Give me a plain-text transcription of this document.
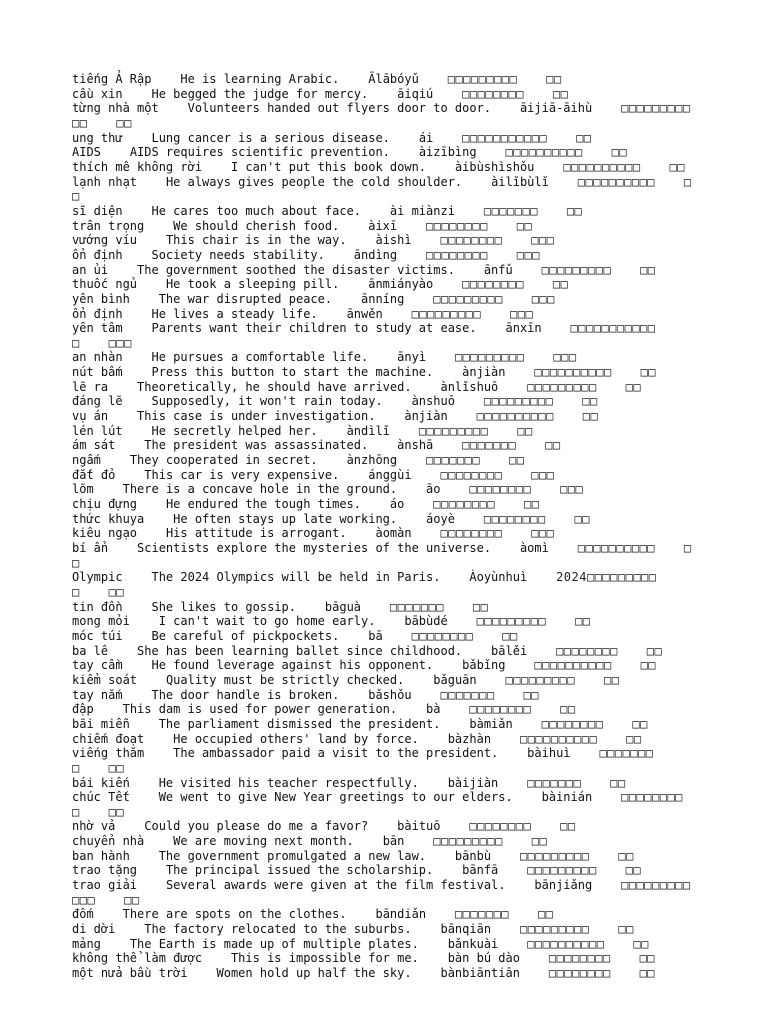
tiếng Ả Rập He is learning Arabic. Ālābóyǔ □□□□□□□□□ □□
cầu xin He begged the judge for mercy. āiqiú □□□□□□□□ □□
từng nhà một Volunteers handed out flyers door to door. āijiā-āihù □□□□□□□□□□□ □□
ung thư Lung cancer is a serious disease. ái □□□□□□□□□□□ □□
AIDS AIDS requires scientific prevention. àizībìng □□□□□□□□□□ □□
thích mê không rời I can't put this book down. àibùshìshǒu □□□□□□□□□□ □□
lạnh nhạt He always gives people the cold shoulder. àilǐbùlǐ □□□□□□□□□□ □□
sĩ diện He cares too much about face. ài miànzi □□□□□□□ □□
trân trọng We should cherish food. àixī □□□□□□□□ □□
vướng víu This chair is in the way. àishì □□□□□□□□ □□□
ổn định Society needs stability. āndìng □□□□□□□□ □□□
an ủi The government soothed the disaster victims. ānfǔ □□□□□□□□□ □□
thuốc ngủ He took a sleeping pill. ānmiányào □□□□□□□□ □□
yên bình The war disrupted peace. ānníng □□□□□□□□□ □□□
ổn định He lives a steady life. ānwěn □□□□□□□□□ □□□
yên tâm Parents want their children to study at ease. ānxīn □□□□□□□□□□□□ □□□
an nhàn He pursues a comfortable life. ānyì □□□□□□□□□ □□□
nút bấm Press this button to start the machine. ànjiàn □□□□□□□□□□ □□
lẽ ra Theoretically, he should have arrived. ànlǐshuō □□□□□□□□□ □□
đáng lẽ Supposedly, it won't rain today. ànshuō □□□□□□□□□ □□
vụ án This case is under investigation. ànjiàn □□□□□□□□□□ □□
lén lút He secretly helped her. àndìlǐ □□□□□□□□□ □□
ám sát The president was assassinated. ànshā □□□□□□□ □□
ngấm They cooperated in secret. ànzhōng □□□□□□□ □□
đắt đỏ This car is very expensive. ánggùi □□□□□□□□ □□□
lõm There is a concave hole in the ground. āo □□□□□□□□ □□□
chịu đựng He endured the tough times. áo □□□□□□□□ □□
thức khuya He often stays up late working. áoyè □□□□□□□□ □□
kiêu ngạo His attitude is arrogant. àomàn □□□□□□□□ □□□
bí ẩn Scientists explore the mysteries of the universe. àomì □□□□□□□□□□ □□
Olympic The 2024 Olympics will be held in Paris. Àoyùnhuì 2024□□□□□□□□□□ □□
tin đồn She likes to gossip. bāguà □□□□□□□ □□
mong mỏi I can't wait to go home early. bābùdé □□□□□□□□□ □□
móc túi Be careful of pickpockets. bā □□□□□□□□ □□
ba lê She has been learning ballet since childhood. bālěi □□□□□□□□ □□
tay cầm He found leverage against his opponent. bǎbǐng □□□□□□□□□□ □□
kiểm soát Quality must be strictly checked. bǎguān □□□□□□□□□ □□
tay nắm The door handle is broken. bǎshǒu □□□□□□□ □□
đập This dam is used for power generation. bà □□□□□□□□ □□
bãi miễn The parliament dismissed the president. bàmiǎn □□□□□□□□ □□
chiếm đoạt He occupied others' land by force. bàzhàn □□□□□□□□□□ □□
viếng thăm The ambassador paid a visit to the president. bàihuì □□□□□□□□ □□
bái kiến He visited his teacher respectfully. bàijiàn □□□□□□□ □□
chúc Tết We went to give New Year greetings to our elders. bàinián □□□□□□□□□ □□
nhờ vả Could you please do me a favor? bàituō □□□□□□□□ □□
chuyển nhà We are moving next month. bān □□□□□□□□□ □□
ban hành The government promulgated a new law. bānbù □□□□□□□□□ □□
trao tặng The principal issued the scholarship. bānfā □□□□□□□□□ □□
trao giải Several awards were given at the film festival. bānjiǎng □□□□□□□□□□□□ □□
đốm There are spots on the clothes. bāndiǎn □□□□□□□ □□
di dời The factory relocated to the suburbs. bānqiān □□□□□□□□□ □□
mảng The Earth is made up of multiple plates. bǎnkuài □□□□□□□□□□ □□
không thể làm được This is impossible for me. bàn bú dào □□□□□□□□ □□
một nửa bầu trời Women hold up half the sky. bànbiāntiān □□□□□□□□ □□
